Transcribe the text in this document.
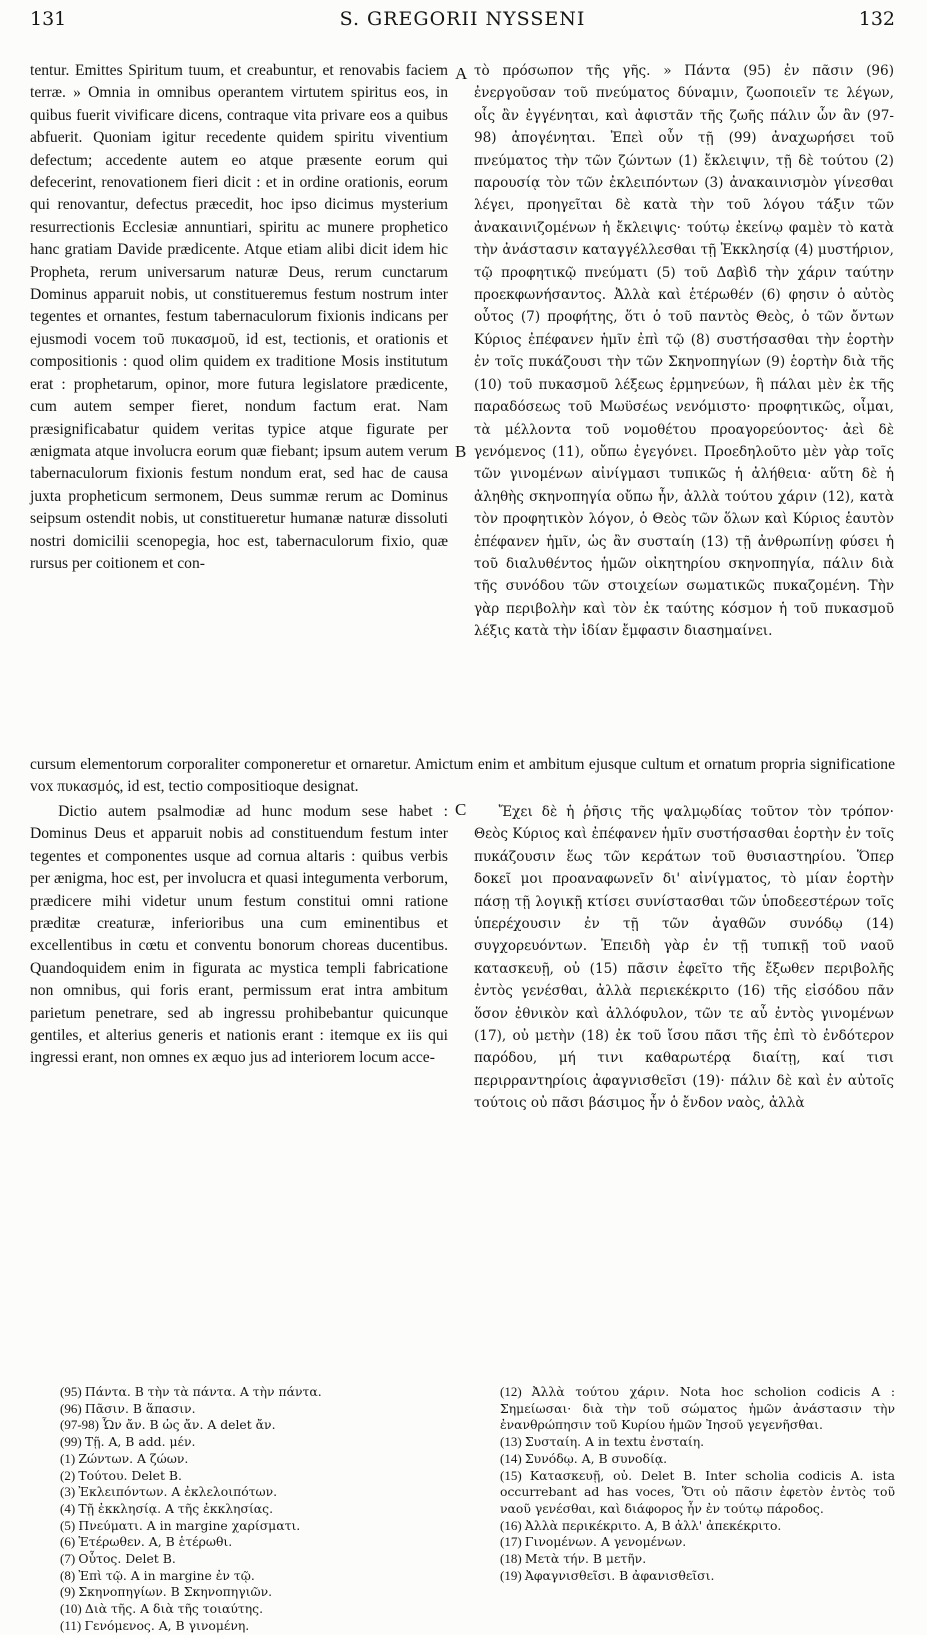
131	S. GREGORII NYSSENI	132

tentur. Emittes Spiritum tuum, et creabuntur, et renovabis faciem terræ. » Omnia in omnibus operantem virtutem spiritus eos, in quibus fuerit vivificare dicens, contraque vita privare eos a quibus abfuerit. Quoniam igitur recedente quidem spiritu viventium defectum; accedente autem eo atque præsente eorum qui defecerint, renovationem fieri dicit : et in ordine orationis, eorum qui renovantur, defectus præcedit, hoc ipso dicimus mysterium resurrectionis Ecclesiæ annuntiari, spiritu ac munere prophetico hanc gratiam Davide prædicente. Atque etiam alibi dicit idem hic Propheta, rerum universarum naturæ Deus, rerum cunctarum Dominus apparuit nobis, ut constitueremus festum nostrum inter tegentes et ornantes, festum tabernaculorum fixionis indicans per ejusmodi vocem τοῦ πυκασμοῦ, id est, tectionis, et orationis et compositionis : quod olim quidem ex traditione Mosis institutum erat : prophetarum, opinor, more futura legislatore prædicente, cum autem semper fieret, nondum factum erat. Nam præsignificabatur quidem veritas typice atque figurate per ænigmata atque involucra eorum quæ fiebant; ipsum autem verum tabernaculorum fixionis festum nondum erat, sed hac de causa juxta propheticum sermonem, Deus summæ rerum ac Dominus seipsum ostendit nobis, ut constitueretur humanæ naturæ dissoluti nostri domicilii scenopegia, hoc est, tabernaculorum fixio, quæ rursus per coitionem et con-

A
B

τὸ πρόσωπον τῆς γῆς. » Πάντα (95) ἐν πᾶσιν (96) ἐνεργοῦσαν τοῦ πνεύματος δύναμιν, ζωοποιεῖν τε λέγων, οἷς ἂν ἐγγένηται, καὶ ἀφιστᾶν τῆς ζωῆς πάλιν ὧν ἂν (97-98) ἀπογένηται. Ἐπεὶ οὖν τῇ (99) ἀναχωρήσει τοῦ πνεύματος τὴν τῶν ζώντων (1) ἔκλειψιν, τῇ δὲ τούτου (2) παρουσίᾳ τὸν τῶν ἐκλειπόντων (3) ἀνακαινισμὸν γίνεσθαι λέγει, προηγεῖται δὲ κατὰ τὴν τοῦ λόγου τάξιν τῶν ἀνακαινιζομένων ἡ ἔκλειψις· τούτῳ ἐκείνῳ φαμὲν τὸ κατὰ τὴν ἀνάστασιν καταγγέλλεσθαι τῇ Ἐκκλησίᾳ (4) μυστήριον, τῷ προφητικῷ πνεύματι (5) τοῦ Δαβὶδ τὴν χάριν ταύτην προεκφωνήσαντος. Ἀλλὰ καὶ ἑτέρωθέν (6) φησιν ὁ αὐτὸς οὗτος (7) προφήτης, ὅτι ὁ τοῦ παντὸς Θεὸς, ὁ τῶν ὄντων Κύριος ἐπέφανεν ἡμῖν ἐπὶ τῷ (8) συστήσασθαι τὴν ἑορτὴν ἐν τοῖς πυκάζουσι τὴν τῶν Σκηνοπηγίων (9) ἑορτὴν διὰ τῆς (10) τοῦ πυκασμοῦ λέξεως ἑρμηνεύων, ἣ πάλαι μὲν ἐκ τῆς παραδόσεως τοῦ Μωϋσέως νενόμιστο· προφητικῶς, οἶμαι, τὰ μέλλοντα τοῦ νομοθέτου προαγορεύοντος· ἀεὶ δὲ γενόμενος (11), οὔπω ἐγεγόνει. Προεδηλοῦτο μὲν γὰρ τοῖς τῶν γινομένων αἰνίγμασι τυπικῶς ἡ ἀλήθεια· αὕτη δὲ ἡ ἀληθὴς σκηνοπηγία οὔπω ἦν, ἀλλὰ τούτου χάριν (12), κατὰ τὸν προφητικὸν λόγον, ὁ Θεὸς τῶν ὅλων καὶ Κύριος ἑαυτὸν ἐπέφανεν ἡμῖν, ὡς ἂν συσταίη (13) τῇ ἀνθρωπίνῃ φύσει ἡ τοῦ διαλυθέντος ἡμῶν οἰκητηρίου σκηνοπηγία, πάλιν διὰ τῆς συνόδου τῶν στοιχείων σωματικῶς πυκαζομένη. Τὴν γὰρ περιβολὴν καὶ τὸν ἐκ ταύτης κόσμον ἡ τοῦ πυκασμοῦ λέξις κατὰ τὴν ἰδίαν ἔμφασιν διασημαίνει.

cursum elementorum corporaliter componeretur et ornaretur. Amictum enim et ambitum ejusque cultum et ornatum propria significatione vox πυκασμός, id est, tectio compositioque designat.

Dictio autem psalmodiæ ad hunc modum sese habet : Dominus Deus et apparuit nobis ad constituendum festum inter tegentes et componentes usque ad cornua altaris : quibus verbis per ænigma, hoc est, per involucra et quasi integumenta verborum, prædicere mihi videtur unum festum constitui omni ratione præditæ creaturæ, inferioribus una cum eminentibus et excellentibus in cœtu et conventu bonorum choreas ducentibus. Quandoquidem enim in figurata ac mystica templi fabricatione non omnibus, qui foris erant, permissum erat intra ambitum parietum penetrare, sed ab ingressu prohibebantur quicunque gentiles, et alterius generis et nationis erant : itemque ex iis qui ingressi erant, non omnes ex æquo jus ad interiorem locum acce-

C	Ἔχει δὲ ἡ ῥῆσις τῆς ψαλμῳδίας τοῦτον τὸν τρόπον· Θεὸς Κύριος καὶ ἐπέφανεν ἡμῖν συστήσασθαι ἑορτὴν ἐν τοῖς πυκάζουσιν ἕως τῶν κεράτων τοῦ θυσιαστηρίου. Ὅπερ δοκεῖ μοι προαναφωνεῖν δι' αἰνίγματος, τὸ μίαν ἑορτὴν πάσῃ τῇ λογικῇ κτίσει συνίστασθαι τῶν ὑποδεεστέρων τοῖς ὑπερέχουσιν ἐν τῇ τῶν ἀγαθῶν συνόδῳ (14) συγχορευόντων. Ἐπειδὴ γὰρ ἐν τῇ τυπικῇ τοῦ ναοῦ κατασκευῇ, οὐ (15) πᾶσιν ἐφεῖτο τῆς ἔξωθεν περιβολῆς ἐντὸς γενέσθαι, ἀλλὰ περιεκέκριτο (16) τῆς εἰσόδου πᾶν ὅσον ἐθνικὸν καὶ ἀλλόφυλον, τῶν τε αὖ ἐντὸς γινομένων (17), οὐ μετὴν (18) ἐκ τοῦ ἴσου πᾶσι τῆς ἐπὶ τὸ ἐνδότερον παρόδου, μή τινι καθαρωτέρᾳ διαίτῃ, καί τισι περιρραντηρίοις ἀφαγνισθεῖσι (19)· πάλιν δὲ καὶ ἐν αὐτοῖς τούτοις οὐ πᾶσι βάσιμος ἦν ὁ ἔνδον ναὸς, ἀλλὰ

(95) Πάντα. B τὴν τὰ πάντα. A τὴν πάντα.
(96) Πᾶσιν. B ἅπασιν.
(97-98) Ὧν ἄν. B ὡς ἄν. A delet ἄν.
(99) Τῇ. A, B add. μέν.
(1) Ζώντων. A ζώων.
(2) Τούτου. Delet B.
(3) Ἐκλειπόντων. A ἐκλελοιπότων.
(4) Τῇ ἐκκλησίᾳ. A τῆς ἐκκλησίας.
(5) Πνεύματι. A in margine χαρίσματι.
(6) Ἑτέρωθεν. A, B ἑτέρωθι.
(7) Οὗτος. Delet B.
(8) Ἐπὶ τῷ. A in margine ἐν τῷ.
(9) Σκηνοπηγίων. B Σκηνοπηγιῶν.
(10) Διὰ τῆς. A διὰ τῆς τοιαύτης.
(11) Γενόμενος. A, B γινομένη.
(12) Ἀλλὰ τούτου χάριν. Nota hoc scholion codicis A : Σημείωσαι· διὰ τὴν τοῦ σώματος ἡμῶν ἀνάστασιν τὴν ἐνανθρώπησιν τοῦ Κυρίου ἡμῶν Ἰησοῦ γεγενῆσθαι.
(13) Συσταίη. A in textu ἐνσταίη.
(14) Συνόδῳ. A, B συνοδίᾳ.
(15) Κατασκευῇ, οὐ. Delet B. Inter scholia codicis A. ista occurrebant ad has voces, Ὅτι οὐ πᾶσιν ἐφετὸν ἐντὸς τοῦ ναοῦ γενέσθαι, καὶ διάφορος ἦν ἐν τούτῳ πάροδος.
(16) Ἀλλὰ περικέκριτο. A, B ἀλλ' ἀπεκέκριτο.
(17) Γινομένων. A γενομένων.
(18) Μετὰ τήν. B μετῆν.
(19) Ἀφαγνισθεῖσι. B ἀφανισθεῖσι.
